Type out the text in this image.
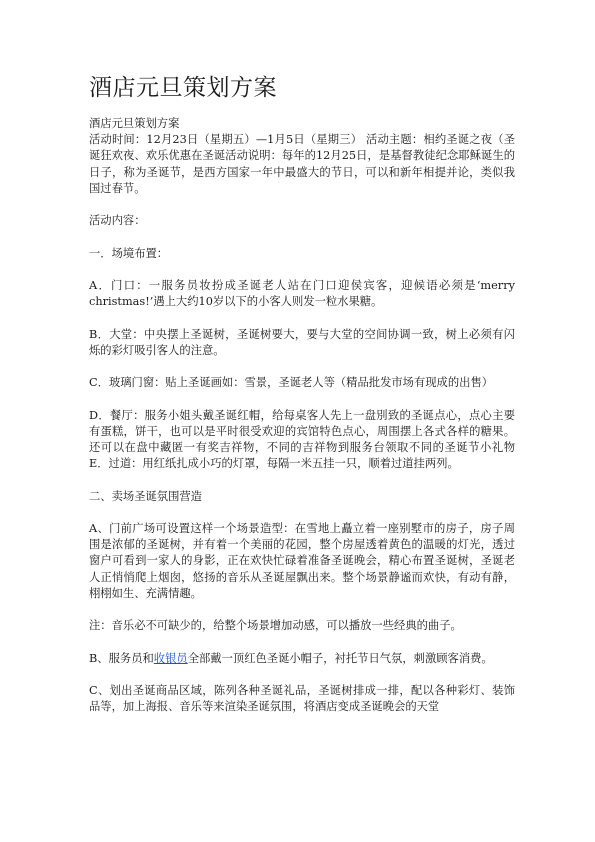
酒店元旦策划方案

酒店元旦策划方案

活动时间：12月23日（星期五）—1月5日（星期三） 活动主题：相约圣诞之夜（圣诞狂欢夜、欢乐优惠在圣诞活动说明：每年的12月25日，是基督教徒纪念耶稣诞生的日子，称为圣诞节，是西方国家一年中最盛大的节日，可以和新年相提并论，类似我国过春节。

活动内容：

一．场境布置：

A．门口：一服务员妆扮成圣诞老人站在门口迎侯宾客，迎候语必须是‘merry christmas!’遇上大约10岁以下的小客人则发一粒水果糖。

B．大堂：中央摆上圣诞树，圣诞树要大，要与大堂的空间协调一致，树上必须有闪烁的彩灯吸引客人的注意。

C．玻璃门窗：贴上圣诞画如：雪景，圣诞老人等（精品批发市场有现成的出售）

D．餐厅：服务小姐头戴圣诞红帽，给每桌客人先上一盘別致的圣诞点心，点心主要有蛋糕，饼干，也可以是平时很受欢迎的宾馆特色点心，周围摆上各式各样的糖果。还可以在盘中藏匿一有奖吉祥物，不同的吉祥物到服务台领取不同的圣诞节小礼物E．过道：用红纸扎成小巧的灯罩，每隔一米五挂一只，顺着过道挂两列。

二、卖场圣诞氛围营造

A、门前广场可设置这样一个场景造型：在雪地上矗立着一座别墅市的房子，房子周围是浓郁的圣诞树，并有着一个美丽的花园，整个房屋透着黄色的温暖的灯光，透过窗户可看到一家人的身影，正在欢快忙碌着准备圣诞晚会，精心布置圣诞树，圣诞老人正悄悄爬上烟囱，悠扬的音乐从圣诞屋飘出来。整个场景静谧而欢快，有动有静，栩栩如生、充满情趣。

注：音乐必不可缺少的，给整个场景增加动感，可以播放一些经典的曲子。

B、服务员和收银员全部戴一顶红色圣诞小帽子，衬托节日气氛，刺激顾客消费。

C、划出圣诞商品区域，陈列各种圣诞礼品，圣诞树排成一排，配以各种彩灯、装饰品等，加上海报、音乐等来渲染圣诞氛围，将酒店变成圣诞晚会的天堂
